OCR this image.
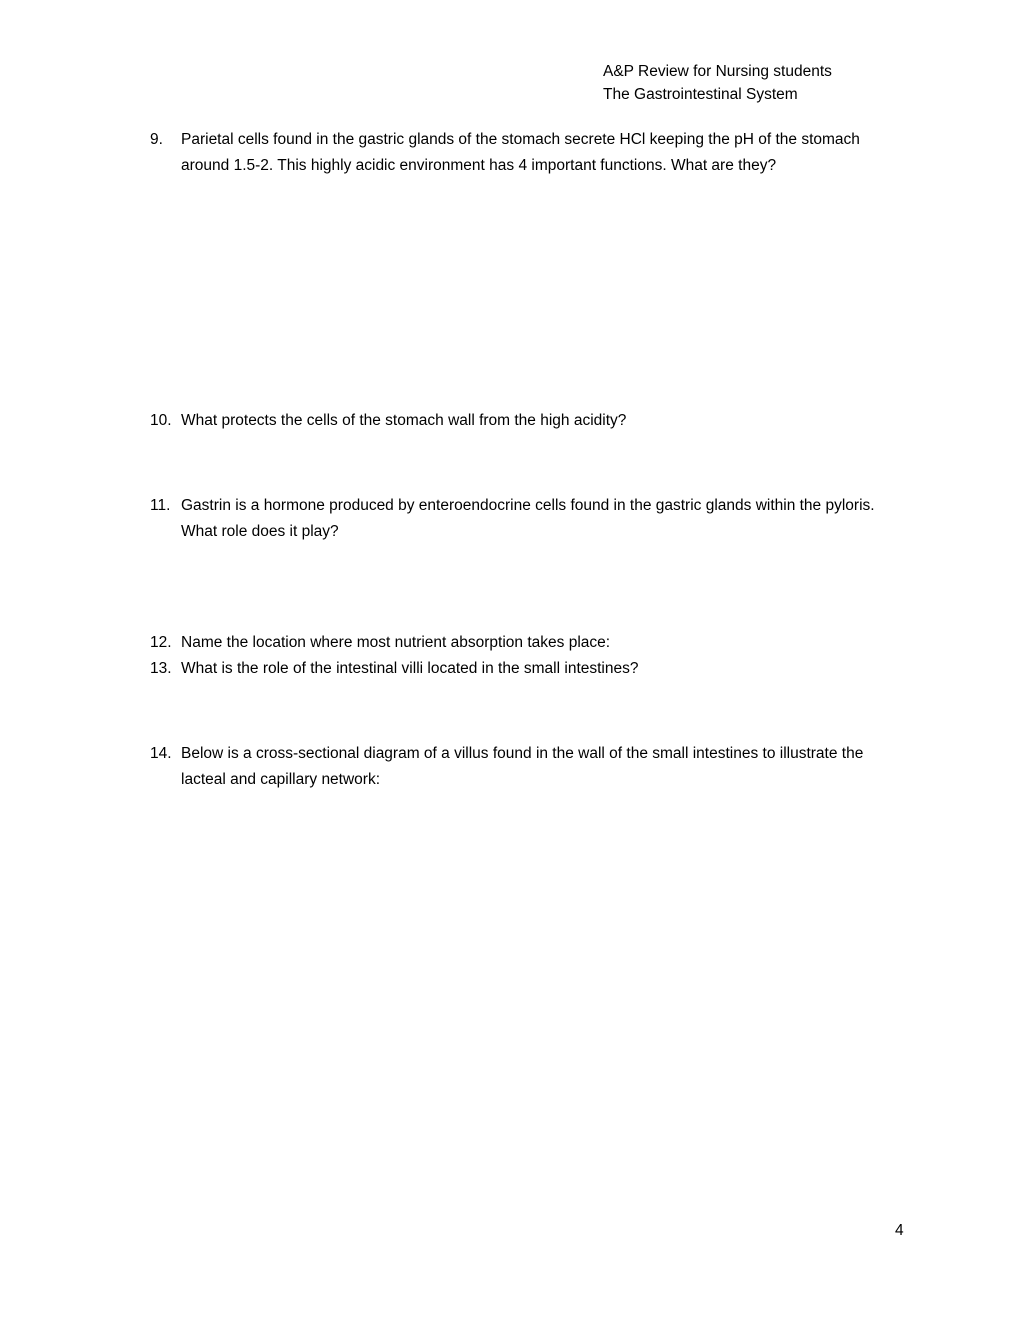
A&P Review for Nursing students
The Gastrointestinal System
9.	Parietal cells found in the gastric glands of the stomach secrete HCl keeping the pH of the stomach around 1.5-2. This highly acidic environment has 4 important functions. What are they?
10. What protects the cells of the stomach wall from the high acidity?
11. Gastrin is a hormone produced by enteroendocrine cells found in the gastric glands within the pyloris. What role does it play?
12. Name the location where most nutrient absorption takes place:
13. What is the role of the intestinal villi located in the small intestines?
14. Below is a cross-sectional diagram of a villus found in the wall of the small intestines to illustrate the lacteal and capillary network:
4
